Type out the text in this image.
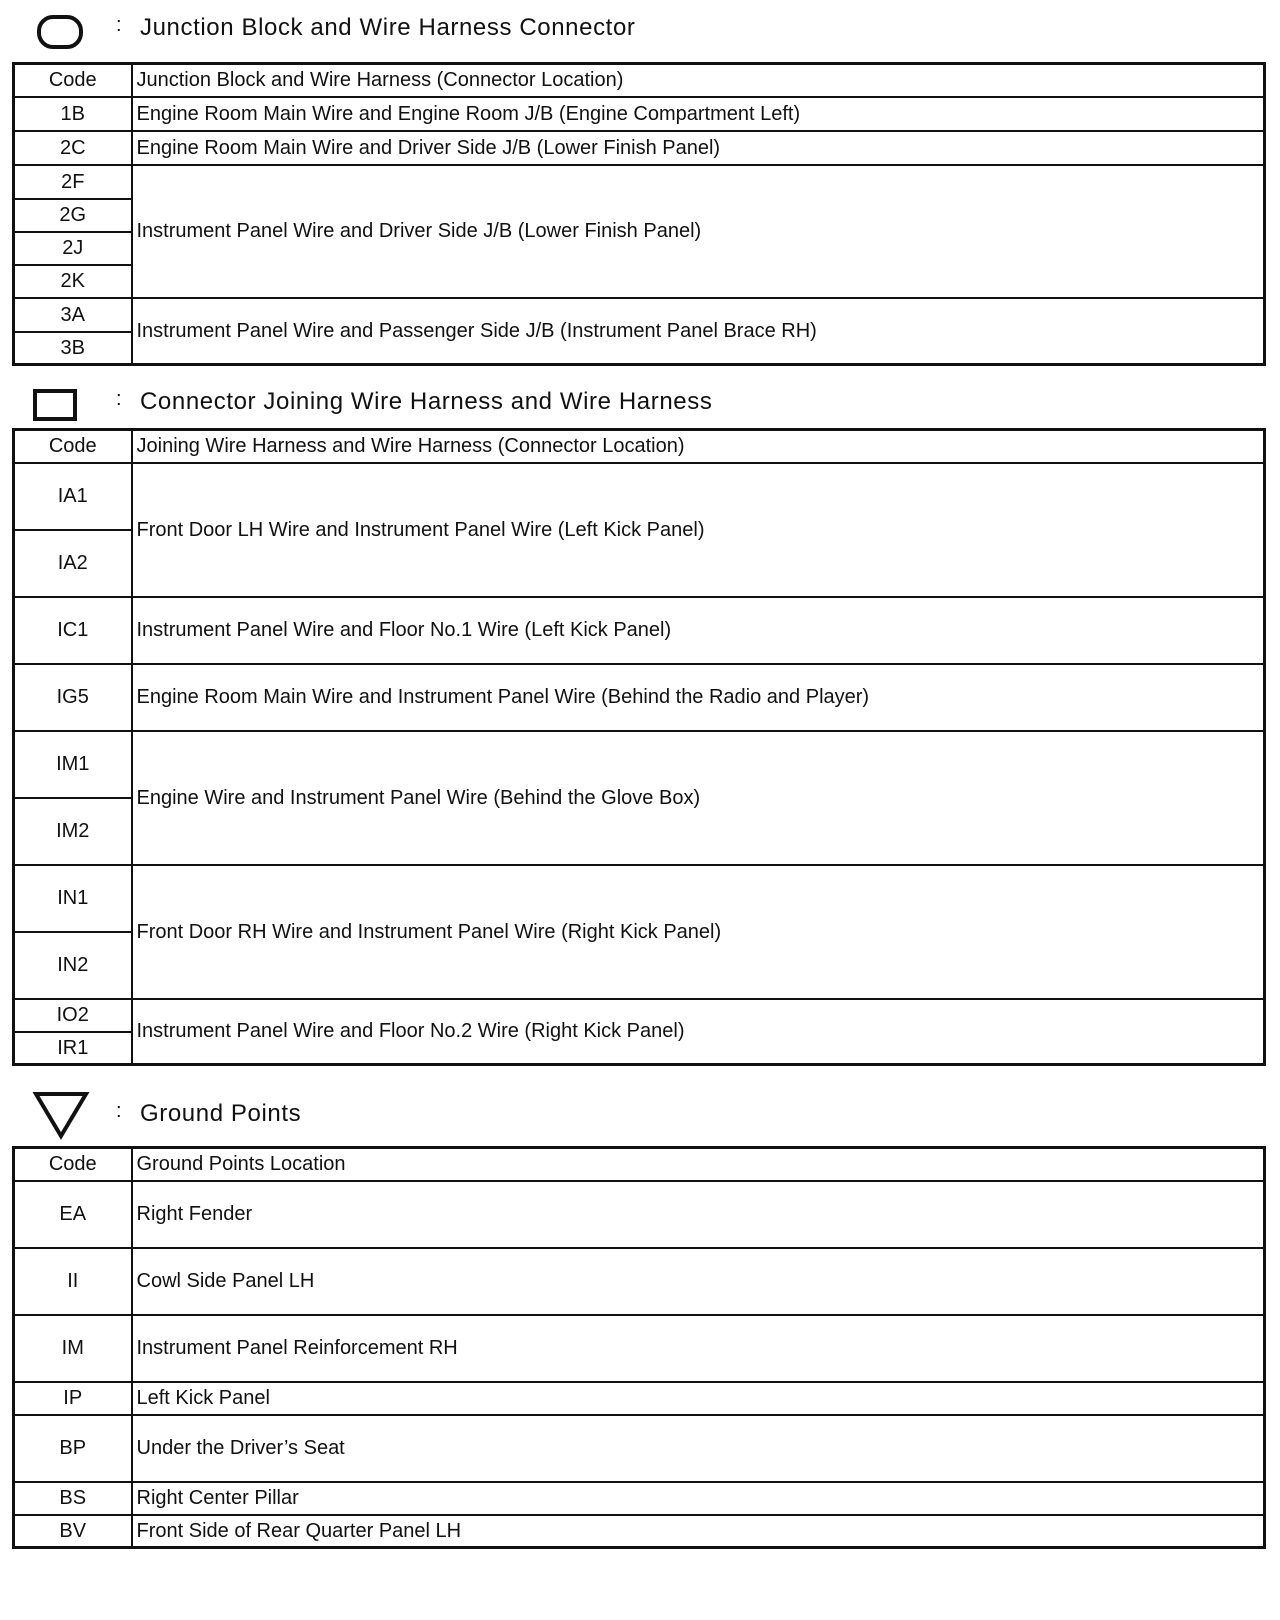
: Junction Block and Wire Harness Connector
Code	Junction Block and Wire Harness (Connector Location)
1B	Engine Room Main Wire and Engine Room J/B (Engine Compartment Left)
2C	Engine Room Main Wire and Driver Side J/B (Lower Finish Panel)
2F	Instrument Panel Wire and Driver Side J/B (Lower Finish Panel)
2G	
2J	
2K	
3A	Instrument Panel Wire and Passenger Side J/B (Instrument Panel Brace RH)
3B	
: Connector Joining Wire Harness and Wire Harness
Code	Joining Wire Harness and Wire Harness (Connector Location)
IA1	Front Door LH Wire and Instrument Panel Wire (Left Kick Panel)
IA2	
IC1	Instrument Panel Wire and Floor No.1 Wire (Left Kick Panel)
IG5	Engine Room Main Wire and Instrument Panel Wire (Behind the Radio and Player)
IM1	Engine Wire and Instrument Panel Wire (Behind the Glove Box)
IM2	
IN1	Front Door RH Wire and Instrument Panel Wire (Right Kick Panel)
IN2	
IO2	Instrument Panel Wire and Floor No.2 Wire (Right Kick Panel)
IR1	
: Ground Points
Code	Ground Points Location
EA	Right Fender
II	Cowl Side Panel LH
IM	Instrument Panel Reinforcement RH
IP	Left Kick Panel
BP	Under the Driver’s Seat
BS	Right Center Pillar
BV	Front Side of Rear Quarter Panel LH
